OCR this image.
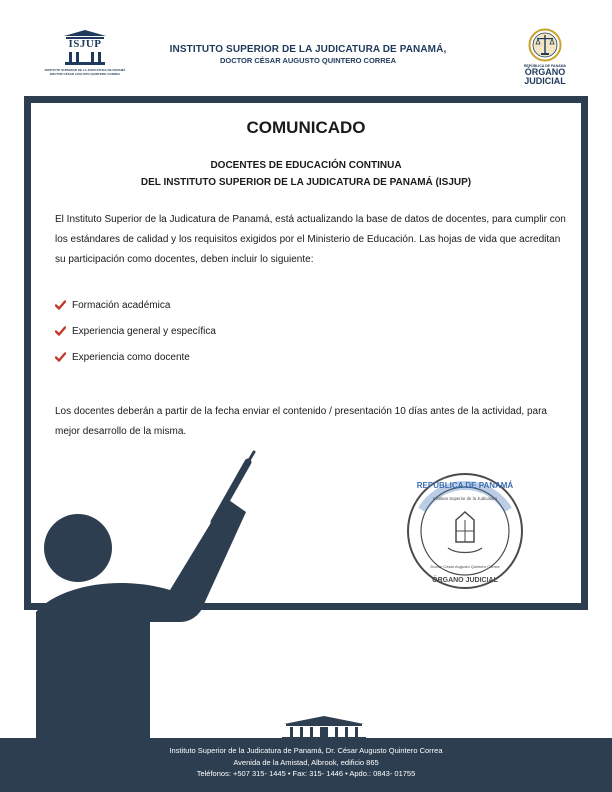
ISJUP
INSTITUTO SUPERIOR DE LA JUDICATURA DE PANAMÁ DOCTOR CÉSAR AUGUSTO QUINTERO CORREA
INSTITUTO SUPERIOR DE LA JUDICATURA DE PANAMÁ,
DOCTOR CÉSAR AUGUSTO QUINTERO CORREA
REPÚBLICA DE PANAMÁ
ÓRGANO
JUDICIAL
COMUNICADO
DOCENTES DE EDUCACIÓN CONTINUA
DEL INSTITUTO SUPERIOR DE LA JUDICATURA DE PANAMÁ (ISJUP)

El Instituto Superior de la Judicatura de Panamá, está actualizando la base de datos de docentes, para cumplir con los estándares de calidad y los requisitos exigidos por el Ministerio de Educación. Las hojas de vida que acreditan su participación como docentes, deben incluir lo siguiente:

Formación académica
Experiencia general y específica
Experiencia como docente

Los docentes deberán a partir de la fecha enviar el contenido / presentación 10 días antes de la actividad, para mejor desarrollo de la misma.

REPÚBLICA DE PANAMÁ
Instituto Superior de la Judicatura
Doctor César Augusto Quintero Correa
ÓRGANO JUDICIAL
Instituto Superior de la Judicatura de Panamá, Dr. César Augusto Quintero Correa
Avenida de la Amistad, Albrook, edificio 865
Teléfonos: +507 315- 1445 • Fax: 315- 1446 • Apdo.: 0843- 01755
